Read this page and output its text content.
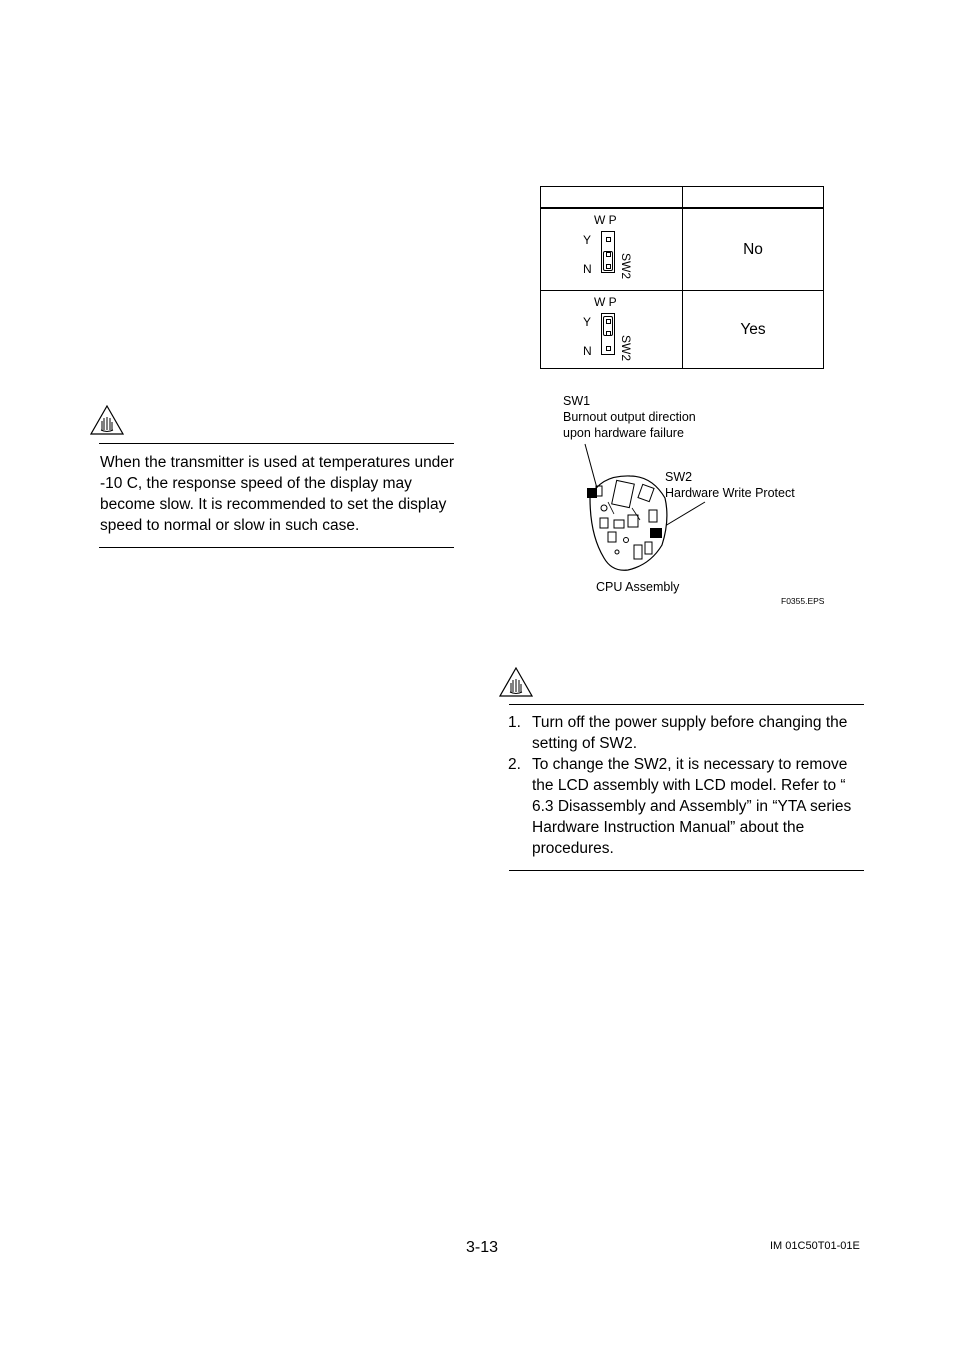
When the transmitter is used at temperatures under -10 C, the response speed of the display may become slow. It is recommended to set the display speed to normal or slow in such case.

W P
Y
N SW2	No

W P
Y
N SW2	Yes
SW1
Burnout output direction
upon hardware failure
SW2
Hardware Write Protect
CPU Assembly
F0355.EPS
1. Turn off the power supply before changing the setting of SW2.
2. To change the SW2, it is necessary to remove the LCD assembly with LCD model. Refer to “ 6.3 Disassembly and Assembly” in “YTA series Hardware Instruction Manual” about the procedures.
3-13	IM 01C50T01-01E
